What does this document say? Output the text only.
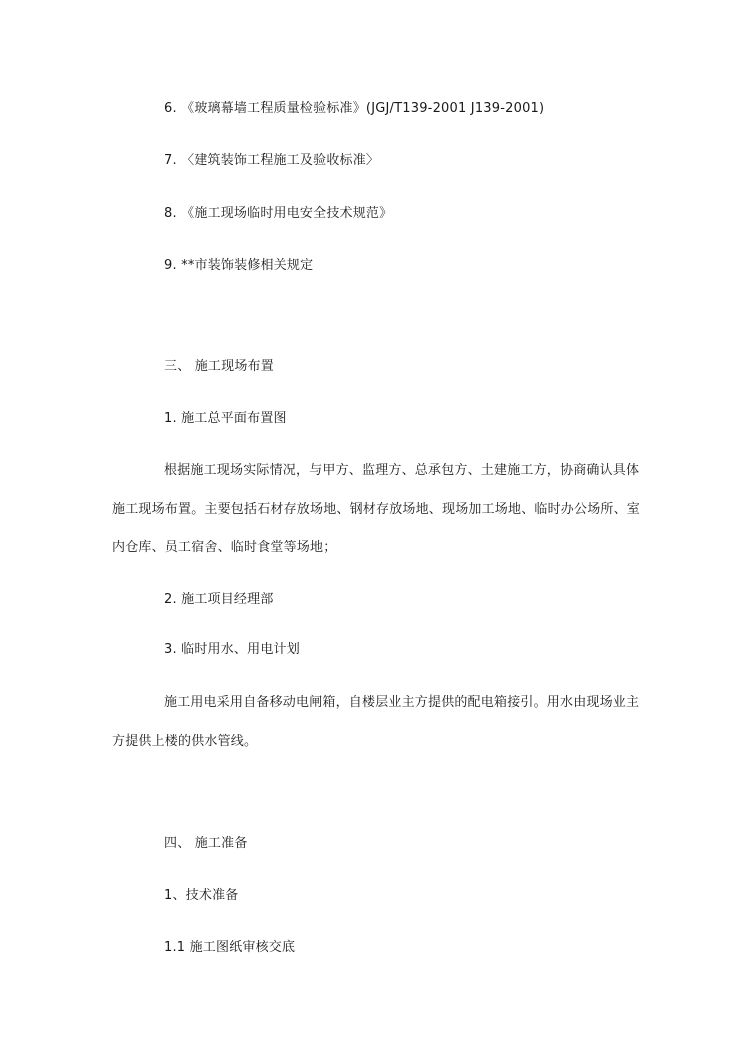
6. 《玻璃幕墙工程质量检验标准》(JGJ/T139-2001 J139-2001)
7. 〈建筑装饰工程施工及验收标准〉
8. 《施工现场临时用电安全技术规范》
9. **市装饰装修相关规定
三、 施工现场布置
1. 施工总平面布置图
根据施工现场实际情况，与甲方、监理方、总承包方、土建施工方，协商确认具体
施工现场布置。主要包括石材存放场地、钢材存放场地、现场加工场地、临时办公场所、室
内仓库、员工宿舍、临时食堂等场地；
2. 施工项目经理部
3. 临时用水、用电计划
施工用电采用自备移动电闸箱，自楼层业主方提供的配电箱接引。用水由现场业主
方提供上楼的供水管线。
四、 施工准备
1、技术准备
1.1 施工图纸审核交底
